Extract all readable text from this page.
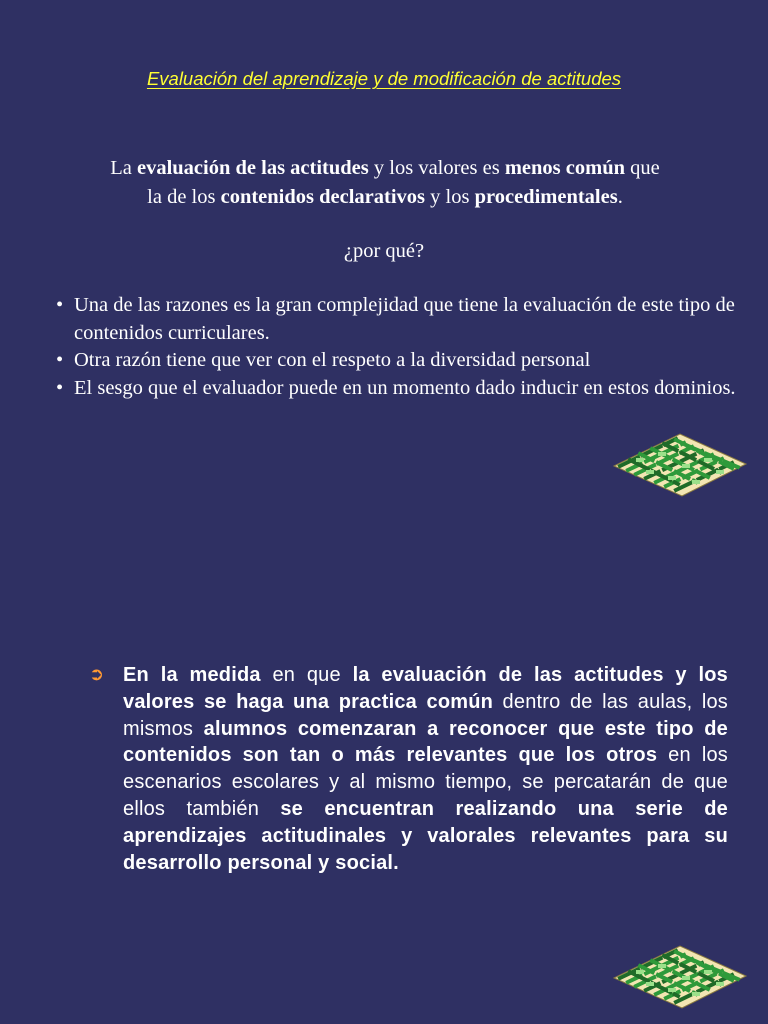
Evaluación del aprendizaje y de modificación de actitudes
La evaluación de las actitudes y los valores es menos común que
la de los contenidos declarativos y los procedimentales.
¿por qué?
• Una de las razones es la gran complejidad que tiene la evaluación de este tipo de contenidos curriculares.
• Otra razón tiene que ver con el respeto a la diversidad personal
• El sesgo que el evaluador puede en un momento dado inducir en estos dominios.
➲ En la medida en que la evaluación de las actitudes y los valores se haga una practica común dentro de las aulas, los mismos alumnos comenzaran a reconocer que este tipo de contenidos son tan o más relevantes que los otros en los escenarios escolares y al mismo tiempo, se percatarán de que ellos también se encuentran realizando una serie de aprendizajes actitudinales y valorales relevantes para su desarrollo personal y social.
